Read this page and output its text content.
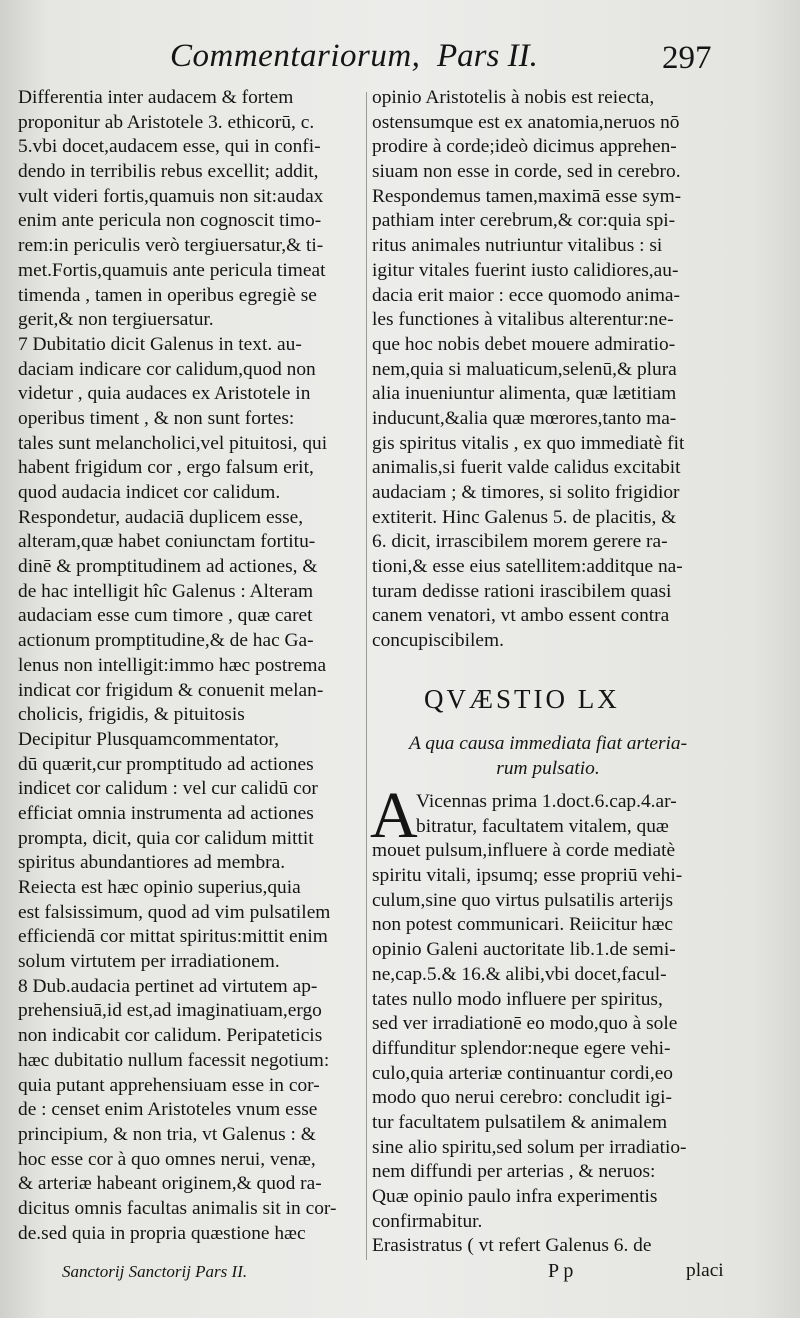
Commentariorum, Pars II.	297
Differentia inter audacem & fortem
proponitur ab Aristotele 3. ethicorū, c.
5.vbi docet,audacem esse, qui in confi-
dendo in terribilis rebus excellit; addit,
vult videri fortis,quamuis non sit:audax
enim ante pericula non cognoscit timo-
rem:in periculis verò tergiuersatur,& ti-
met.Fortis,quamuis ante pericula timeat
timenda , tamen in operibus egregiè se
gerit,& non tergiuersatur.
7 Dubitatio dicit Galenus in text. au-
daciam indicare cor calidum,quod non
videtur , quia audaces ex Aristotele in
operibus timent , & non sunt fortes:
tales sunt melancholici,vel pituitosi, qui
habent frigidum cor , ergo falsum erit,
quod audacia indicet cor calidum.
Respondetur, audaciā duplicem esse,
alteram,quæ habet coniunctam fortitu-
dinē & promptitudinem ad actiones, &
de hac intelligit hîc Galenus : Alteram
audaciam esse cum timore , quæ caret
actionum promptitudine,& de hac Ga-
lenus non intelligit:immo hæc postrema
indicat cor frigidum & conuenit melan-
cholicis, frigidis, & pituitosis
Decipitur Plusquamcommentator,
dū quærit,cur promptitudo ad actiones
indicet cor calidum : vel cur calidū cor
efficiat omnia instrumenta ad actiones
prompta, dicit, quia cor calidum mittit
spiritus abundantiores ad membra.
Reiecta est hæc opinio superius,quia
est falsissimum, quod ad vim pulsatilem
efficiendā cor mittat spiritus:mittit enim
solum virtutem per irradiationem.
8 Dub.audacia pertinet ad virtutem ap-
prehensiuā,id est,ad imaginatiuam,ergo
non indicabit cor calidum. Peripateticis
hæc dubitatio nullum facessit negotium:
quia putant apprehensiuam esse in cor-
de : censet enim Aristoteles vnum esse
principium, & non tria, vt Galenus : &
hoc esse cor à quo omnes nerui, venæ,
& arteriæ habeant originem,& quod ra-
dicitus omnis facultas animalis sit in cor-
de.sed quia in propria quæstione hæc
opinio Aristotelis à nobis est reiecta,
ostensumque est ex anatomia,neruos nō
prodire à corde;ideò dicimus apprehen-
siuam non esse in corde, sed in cerebro.
Respondemus tamen,maximā esse sym-
pathiam inter cerebrum,& cor:quia spi-
ritus animales nutriuntur vitalibus : si
igitur vitales fuerint iusto calidiores,au-
dacia erit maior : ecce quomodo anima-
les functiones à vitalibus alterentur:ne-
que hoc nobis debet mouere admiratio-
nem,quia si maluaticum,selenū,& plura
alia inueniuntur alimenta, quæ lætitiam
inducunt,&alia quæ mœrores,tanto ma-
gis spiritus vitalis , ex quo immediatè fit
animalis,si fuerit valde calidus excitabit
audaciam ; & timores, si solito frigidior
extiterit. Hinc Galenus 5. de placitis, &
6. dicit, irrascibilem morem gerere ra-
tioni,& esse eius satellitem:additque na-
turam dedisse rationi irascibilem quasi
canem venatori, vt ambo essent contra
concupiscibilem.
QVÆSTIO LX
A qua causa immediata fiat arteria-
rum pulsatio.
A
Vicennas prima 1.doct.6.cap.4.ar-
bitratur, facultatem vitalem, quæ
mouet pulsum,influere à corde mediatè
spiritu vitali, ipsumq; esse propriū vehi-
culum,sine quo virtus pulsatilis arterijs
non potest communicari. Reiicitur hæc
opinio Galeni auctoritate lib.1.de semi-
ne,cap.5.& 16.& alibi,vbi docet,facul-
tates nullo modo influere per spiritus,
sed ver irradiationē eo modo,quo à sole
diffunditur splendor:neque egere vehi-
culo,quia arteriæ continuantur cordi,eo
modo quo nerui cerebro: concludit igi-
tur facultatem pulsatilem & animalem
sine alio spiritu,sed solum per irradiatio-
nem diffundi per arterias , & neruos:
Quæ opinio paulo infra experimentis
confirmabitur.
Erasistratus ( vt refert Galenus 6. de
Sanctorij Sanctorij Pars II.	P p	placi
